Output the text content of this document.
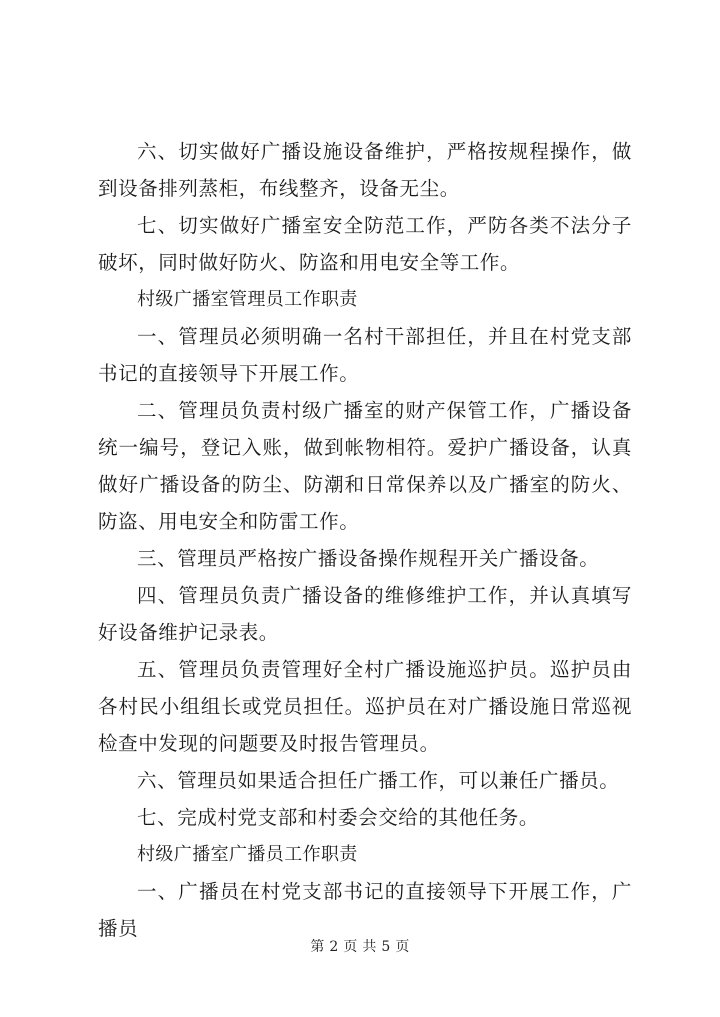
六、切实做好广播设施设备维护，严格按规程操作，做到设备排列蒸柜，布线整齐，设备无尘。

七、切实做好广播室安全防范工作，严防各类不法分子破坏，同时做好防火、防盗和用电安全等工作。

村级广播室管理员工作职责

一、管理员必须明确一名村干部担任，并且在村党支部书记的直接领导下开展工作。

二、管理员负责村级广播室的财产保管工作，广播设备统一编号，登记入账，做到帐物相符。爱护广播设备，认真做好广播设备的防尘、防潮和日常保养以及广播室的防火、防盗、用电安全和防雷工作。

三、管理员严格按广播设备操作规程开关广播设备。

四、管理员负责广播设备的维修维护工作，并认真填写好设备维护记录表。

五、管理员负责管理好全村广播设施巡护员。巡护员由各村民小组组长或党员担任。巡护员在对广播设施日常巡视检查中发现的问题要及时报告管理员。

六、管理员如果适合担任广播工作，可以兼任广播员。

七、完成村党支部和村委会交给的其他任务。

村级广播室广播员工作职责

一、广播员在村党支部书记的直接领导下开展工作，广播员

第 2 页 共 5 页
